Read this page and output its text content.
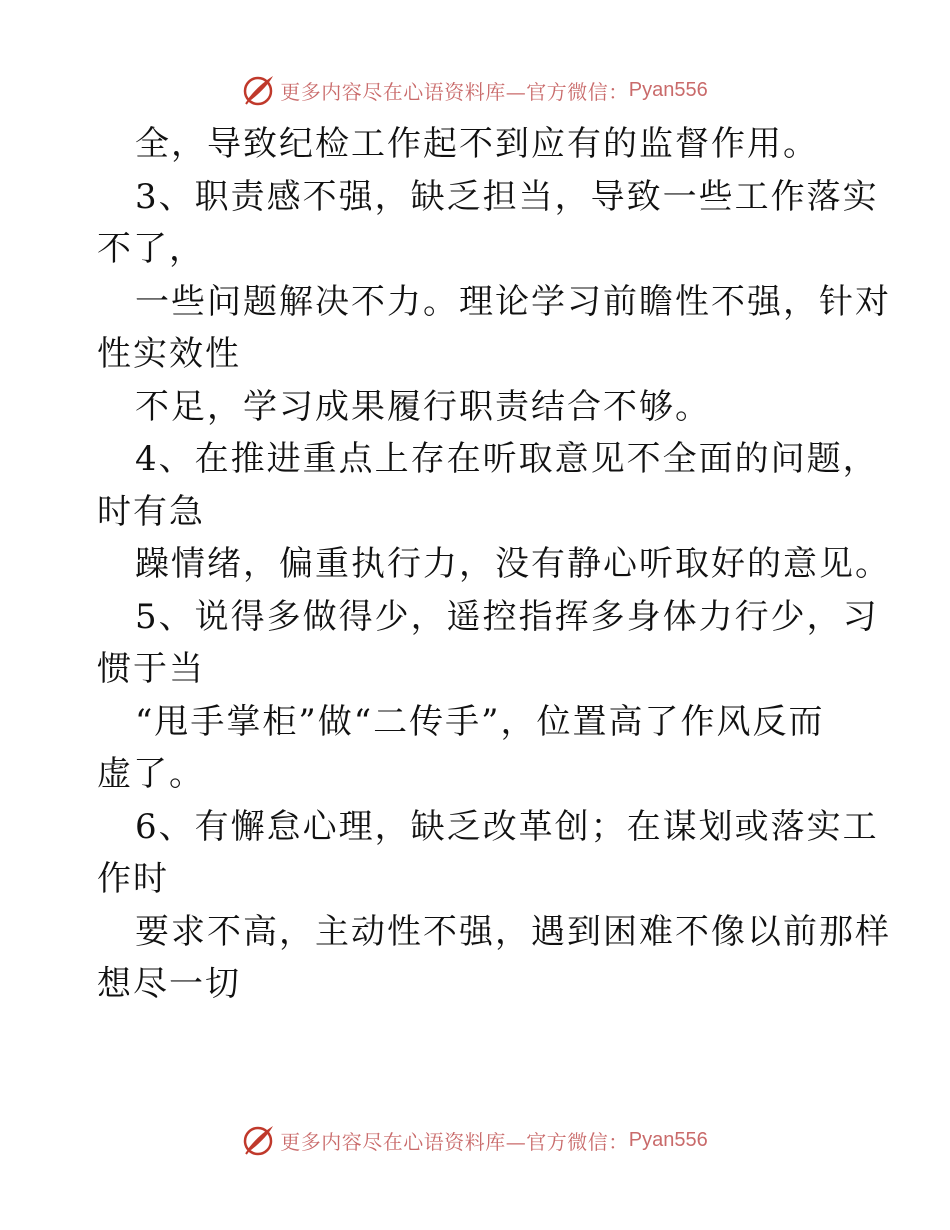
更多内容尽在心语资料库—官方微信： Pyan556
全，导致纪检工作起不到应有的监督作用。
3、职责感不强，缺乏担当，导致一些工作落实
不了，
一些问题解决不力。理论学习前瞻性不强，针对
性实效性
不足，学习成果履行职责结合不够。
4、在推进重点上存在听取意见不全面的问题，
时有急
躁情绪，偏重执行力，没有静心听取好的意见。
5、说得多做得少，遥控指挥多身体力行少，习
惯于当
“甩手掌柜”做“二传手”，位置高了作风反而
虚了。
6、有懈怠心理，缺乏改革创；在谋划或落实工
作时
要求不高，主动性不强，遇到困难不像以前那样
想尽一切
更多内容尽在心语资料库—官方微信： Pyan556
